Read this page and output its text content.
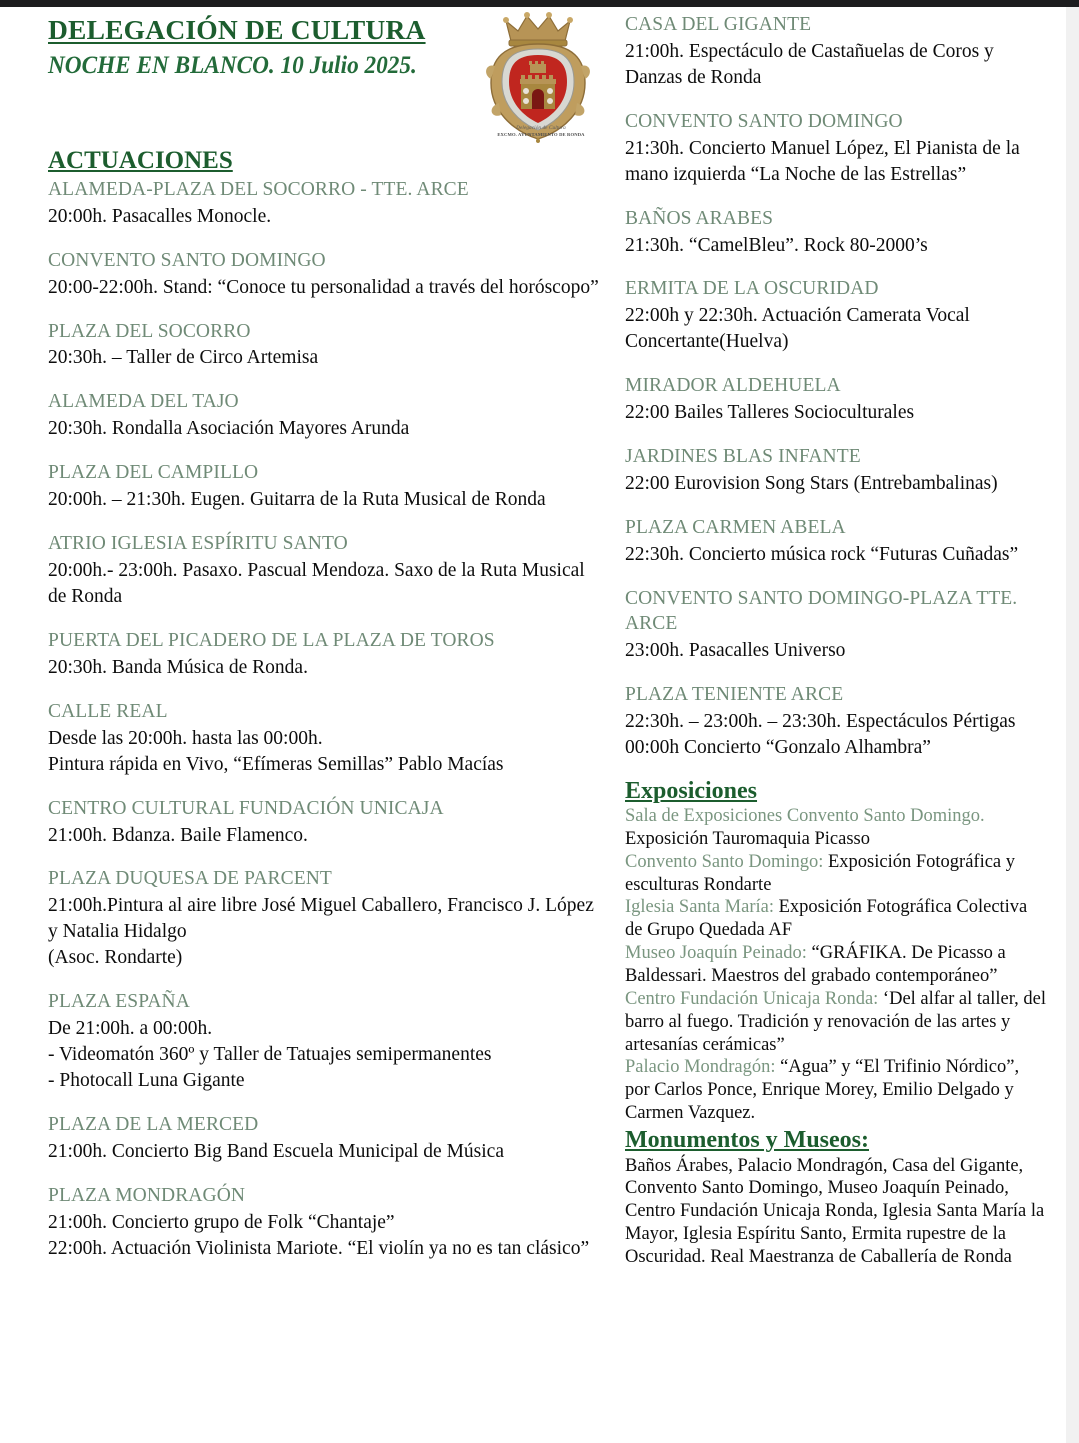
DELEGACIÓN DE CULTURA
NOCHE EN BLANCO. 10 Julio 2025.
Delegación de Cultura
EXCMO. AYUNTAMIENTO DE RONDA
ACTUACIONES
ALAMEDA-PLAZA DEL SOCORRO - TTE. ARCE
20:00h. Pasacalles Monocle.
CONVENTO SANTO DOMINGO
20:00-22:00h. Stand: “Conoce tu personalidad a través del horóscopo”
PLAZA DEL SOCORRO
20:30h. – Taller de Circo Artemisa
ALAMEDA DEL TAJO
20:30h. Rondalla Asociación Mayores Arunda
PLAZA DEL CAMPILLO
20:00h. – 21:30h. Eugen. Guitarra de la Ruta Musical de Ronda
ATRIO IGLESIA ESPÍRITU SANTO
20:00h.- 23:00h. Pasaxo. Pascual Mendoza. Saxo de la Ruta Musical de Ronda
PUERTA DEL PICADERO DE LA PLAZA DE TOROS
20:30h. Banda Música de Ronda.
CALLE REAL
Desde las 20:00h. hasta las 00:00h.
Pintura rápida en Vivo, “Efímeras Semillas” Pablo Macías
CENTRO CULTURAL FUNDACIÓN UNICAJA
21:00h. Bdanza. Baile Flamenco.
PLAZA DUQUESA DE PARCENT
21:00h.Pintura al aire libre José Miguel Caballero, Francisco J. López y Natalia Hidalgo
(Asoc. Rondarte)
PLAZA ESPAÑA
De 21:00h. a 00:00h.
- Videomatón 360º y Taller de Tatuajes semipermanentes
- Photocall Luna Gigante
PLAZA DE LA MERCED
21:00h. Concierto Big Band Escuela Municipal de Música
PLAZA MONDRAGÓN
21:00h. Concierto grupo de Folk “Chantaje”
22:00h. Actuación Violinista Mariote. “El violín ya no es tan clásico”
CASA DEL GIGANTE
21:00h. Espectáculo de Castañuelas de Coros y Danzas de Ronda
CONVENTO SANTO DOMINGO
21:30h. Concierto Manuel López, El Pianista de la mano izquierda “La Noche de las Estrellas”
BAÑOS ARABES
21:30h. “CamelBleu”. Rock 80-2000’s
ERMITA DE LA OSCURIDAD
22:00h y 22:30h. Actuación Camerata Vocal Concertante(Huelva)
MIRADOR ALDEHUELA
22:00 Bailes Talleres Socioculturales
JARDINES BLAS INFANTE
22:00 Eurovision Song Stars (Entrebambalinas)
PLAZA CARMEN ABELA
22:30h. Concierto música rock “Futuras Cuñadas”
CONVENTO SANTO DOMINGO-PLAZA TTE. ARCE
23:00h. Pasacalles Universo
PLAZA TENIENTE ARCE
22:30h. – 23:00h. – 23:30h. Espectáculos Pértigas
00:00h Concierto “Gonzalo Alhambra”
Exposiciones

Sala de Exposiciones Convento Santo Domingo. Exposición Tauromaquia Picasso

Convento Santo Domingo: Exposición Fotográfica y esculturas Rondarte

Iglesia Santa María: Exposición Fotográfica Colectiva de Grupo Quedada AF

Museo Joaquín Peinado: “GRÁFIKA. De Picasso a Baldessari. Maestros del grabado contemporáneo”

Centro Fundación Unicaja Ronda: ‘Del alfar al taller, del barro al fuego. Tradición y renovación de las artes y artesanías cerámicas”

Palacio Mondragón: “Agua” y “El Trifinio Nórdico”, por Carlos Ponce, Enrique Morey, Emilio Delgado y Carmen Vazquez.

Monumentos y Museos:

Baños Árabes, Palacio Mondragón, Casa del Gigante, Convento Santo Domingo, Museo Joaquín Peinado, Centro Fundación Unicaja Ronda, Iglesia Santa María la Mayor, Iglesia Espíritu Santo, Ermita rupestre de la Oscuridad. Real Maestranza de Caballería de Ronda
